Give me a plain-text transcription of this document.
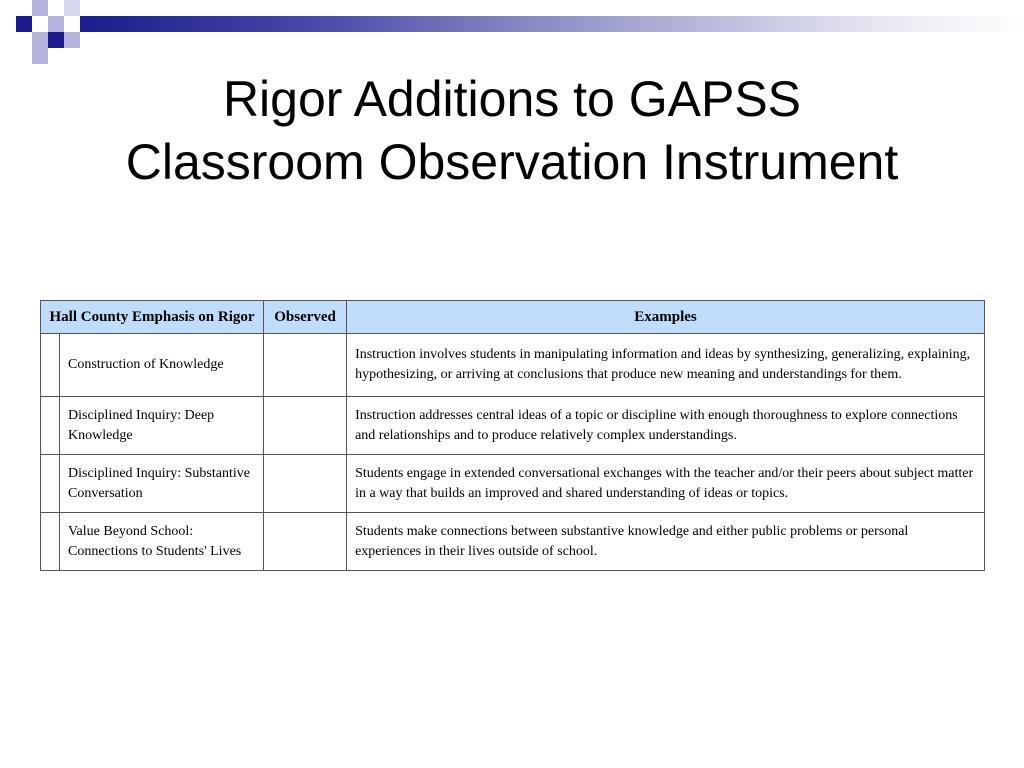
Rigor Additions to GAPSS
Classroom Observation Instrument
Hall County Emphasis on Rigor		Observed	Examples
	Construction of Knowledge		Instruction involves students in manipulating information and ideas by synthesizing, generalizing, explaining, hypothesizing, or arriving at conclusions that produce new meaning and understandings for them.
	Disciplined Inquiry: Deep Knowledge		Instruction addresses central ideas of a topic or discipline with enough thoroughness to explore connections and relationships and to produce relatively complex understandings.
	Disciplined Inquiry: Substantive Conversation		Students engage in extended conversational exchanges with the teacher and/or their peers about subject matter in a way that builds an improved and shared understanding of ideas or topics.
	Value Beyond School: Connections to Students' Lives		Students make connections between substantive knowledge and either public problems or personal experiences in their lives outside of school.
